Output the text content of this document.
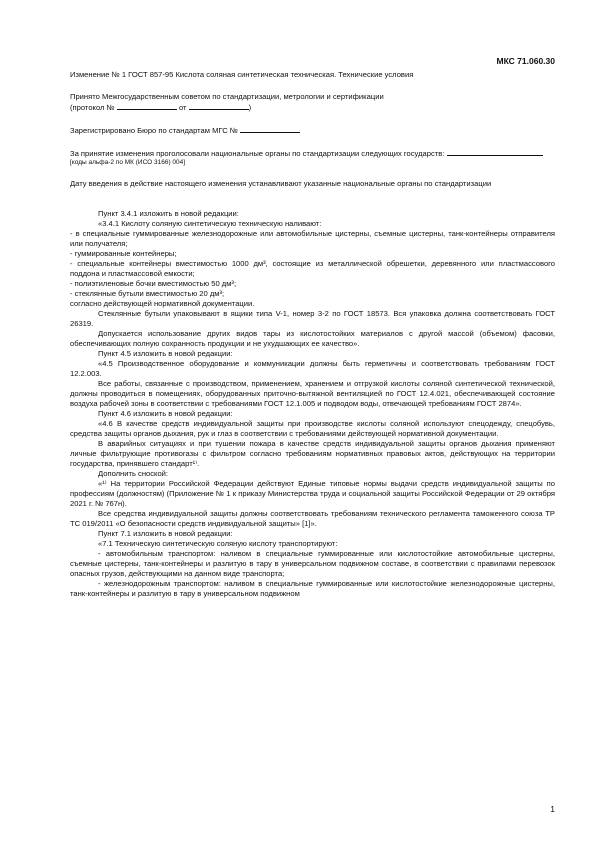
МКС 71.060.30

Изменение № 1 ГОСТ 857-95 Кислота соляная синтетическая техническая. Технические условия

Принято Межгосударственным советом по стандартизации, метрологии и сертификации
(протокол №	от	)

Зарегистрировано Бюро по стандартам МГС №

За принятие изменения проголосовали национальные органы по стандартизации следующих государств:

[коды альфа-2 по МК (ИСО 3166) 004]

Дату введения в действие настоящего изменения устанавливают указанные национальные органы по стандартизации

Пункт 3.4.1 изложить в новой редакции:

«3.4.1 Кислоту соляную синтетическую техническую наливают:

- в специальные гуммированные железнодорожные или автомобильные цистерны, съемные цистерны, танк-контейнеры отправителя или получателя;

- гуммированные контейнеры;

- специальные контейнеры вместимостью 1000 дм³, состоящие из металлической обрешетки, деревянного или пластмассового поддона и пластмассовой емкости;

- полиэтиленовые бочки вместимостью 50 дм³;

- стеклянные бутыли вместимостью 20 дм³;

согласно действующей нормативной документации.

Стеклянные бутыли упаковывают в ящики типа V-1, номер 3-2 по ГОСТ 18573. Вся упаковка должна соответствовать ГОСТ 26319.

Допускается использование других видов тары из кислотостойких материалов с другой массой (объемом) фасовки, обеспечивающих полную сохранность продукции и не ухудшающих ее качество».

Пункт 4.5 изложить в новой редакции:

«4.5 Производственное оборудование и коммуникации должны быть герметичны и соответствовать требованиям ГОСТ 12.2.003.

Все работы, связанные с производством, применением, хранением и отгрузкой кислоты соляной синтетической технической, должны проводиться в помещениях, оборудованных приточно-вытяжной вентиляцией по ГОСТ 12.4.021, обеспечивающей состояние воздуха рабочей зоны в соответствии с требованиями ГОСТ 12.1.005 и подводом воды, отвечающей требованиям ГОСТ 2874».

Пункт 4.6 изложить в новой редакции:

«4.6 В качестве средств индивидуальной защиты при производстве кислоты соляной используют спецодежду, спецобувь, средства защиты органов дыхания, рук и глаз в соответствии с требованиями действующей нормативной документации.

В аварийных ситуациях и при тушении пожара в качестве средств индивидуальной защиты органов дыхания применяют личные фильтрующие противогазы с фильтром согласно требованиям нормативных правовых актов, действующих на территории государства, принявшего стандарт¹⁾.

Дополнить сноской:

«¹⁾ На территории Российской Федерации действуют Единые типовые нормы выдачи средств индивидуальной защиты по профессиям (должностям) (Приложение № 1 к приказу Министерства труда и социальной защиты Российской Федерации от 29 октября 2021 г. № 767н).

Все средства индивидуальной защиты должны соответствовать требованиям технического регламента таможенного союза ТР ТС 019/2011 «О безопасности средств индивидуальной защиты» [1]».

Пункт 7.1 изложить в новой редакции:

«7.1 Техническую синтетическую соляную кислоту транспортируют:

- автомобильным транспортом: наливом в специальные гуммированные или кислотостойкие автомобильные цистерны, съемные цистерны, танк-контейнеры и разлитую в тару в универсальном подвижном составе, в соответствии с правилами перевозок опасных грузов, действующими на данном виде транспорта;

- железнодорожным транспортом: наливом в специальные гуммированные или кислотостойкие железнодорожные цистерны, танк-контейнеры и разлитую в тару в универсальном подвижном

1
